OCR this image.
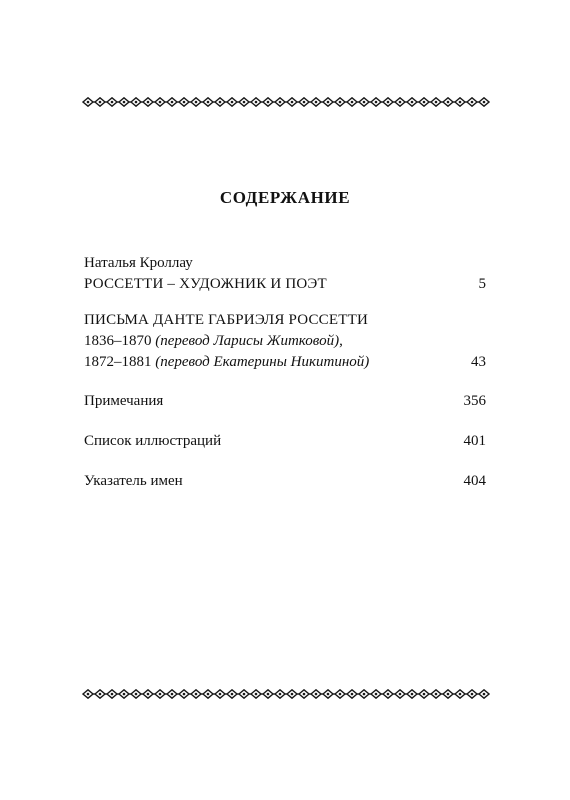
СОДЕРЖАНИЕ
Наталья Кроллау
РОССЕТТИ – ХУДОЖНИК И ПОЭТ	5
ПИСЬМА ДАНТЕ ГАБРИЭЛЯ РОССЕТТИ
1836–1870 (перевод Ларисы Житковой),
1872–1881 (перевод Екатерины Никитиной)	43
Примечания	356
Список иллюстраций	401
Указатель имен	404
